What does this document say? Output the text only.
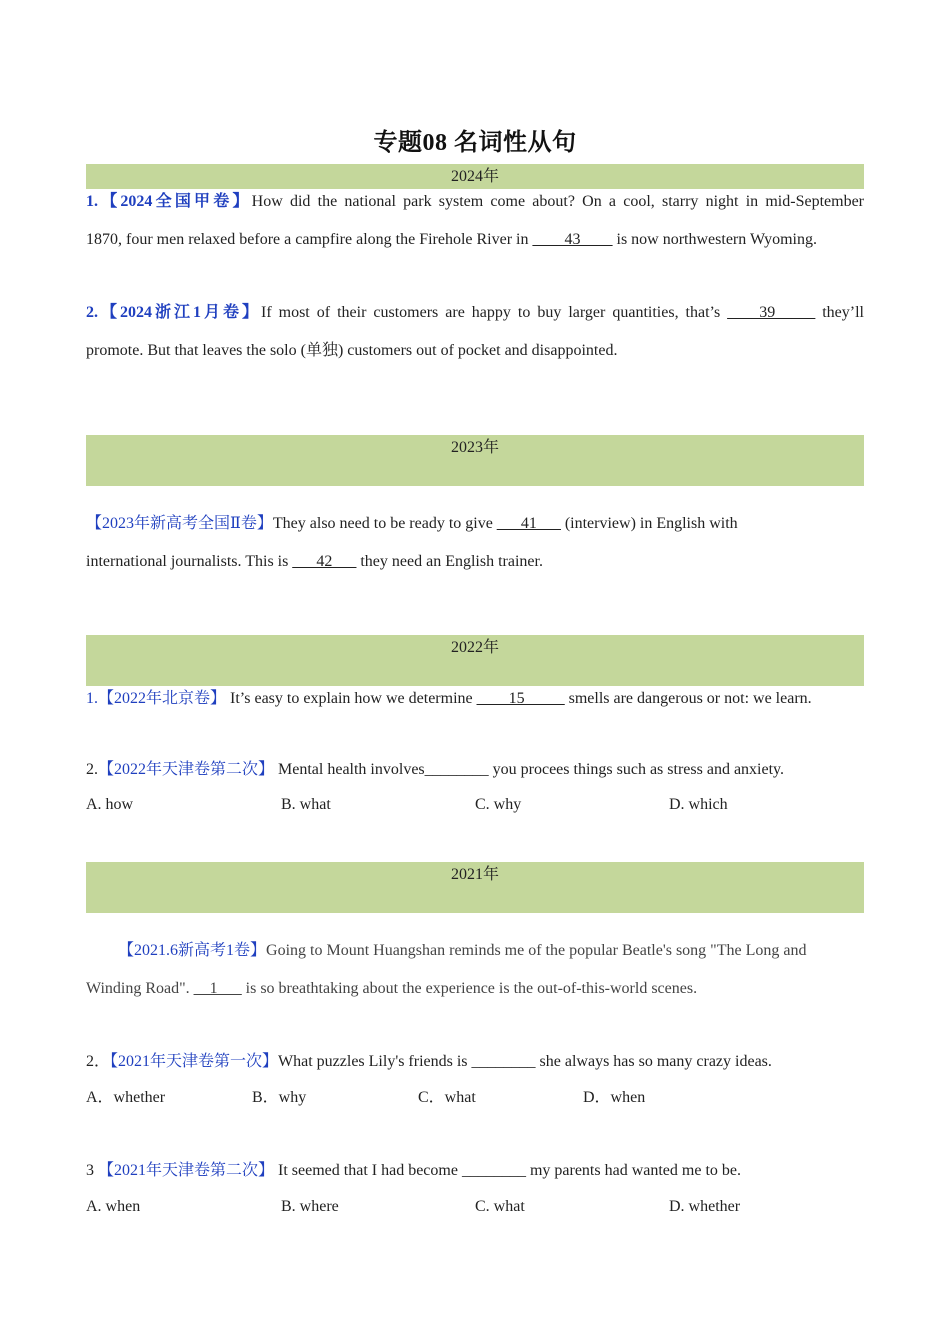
专题08 名词性从句
2024年
1.【2024全国甲卷】How did the national park system come about? On a cool, starry night in mid-September
1870, four men relaxed before a campfire along the Firehole River in ____43____ is now northwestern Wyoming.
2.【2024浙江1月卷】If most of their customers are happy to buy larger quantities, that’s ____39_____ they’ll
promote. But that leaves the solo (单独) customers out of pocket and disappointed.
2023年
【2023年新高考全国Ⅱ卷】They also need to be ready to give ___41___ (interview) in English with
international journalists. This is ___42___ they need an English trainer.
2022年
1.【2022年北京卷】 It’s easy to explain how we determine ____15_____ smells are dangerous or not: we learn.
2.【2022年天津卷第二次】 Mental health involves________ you procees things such as stress and anxiety.
A. how	B. what	C. why	D. which
2021年
【2021.6新高考1卷】Going to Mount Huangshan reminds me of the popular Beatle's song "The Long and
Winding Road". __1___ is so breathtaking about the experience is the out-of-this-world scenes.
2．【2021年天津卷第一次】What puzzles Lily's friends is ________ she always has so many crazy ideas.
A．whether	B．why	C．what	D．when
3 【2021年天津卷第二次】 It seemed that I had become ________ my parents had wanted me to be.
A. when	B. where	C. what	D. whether
